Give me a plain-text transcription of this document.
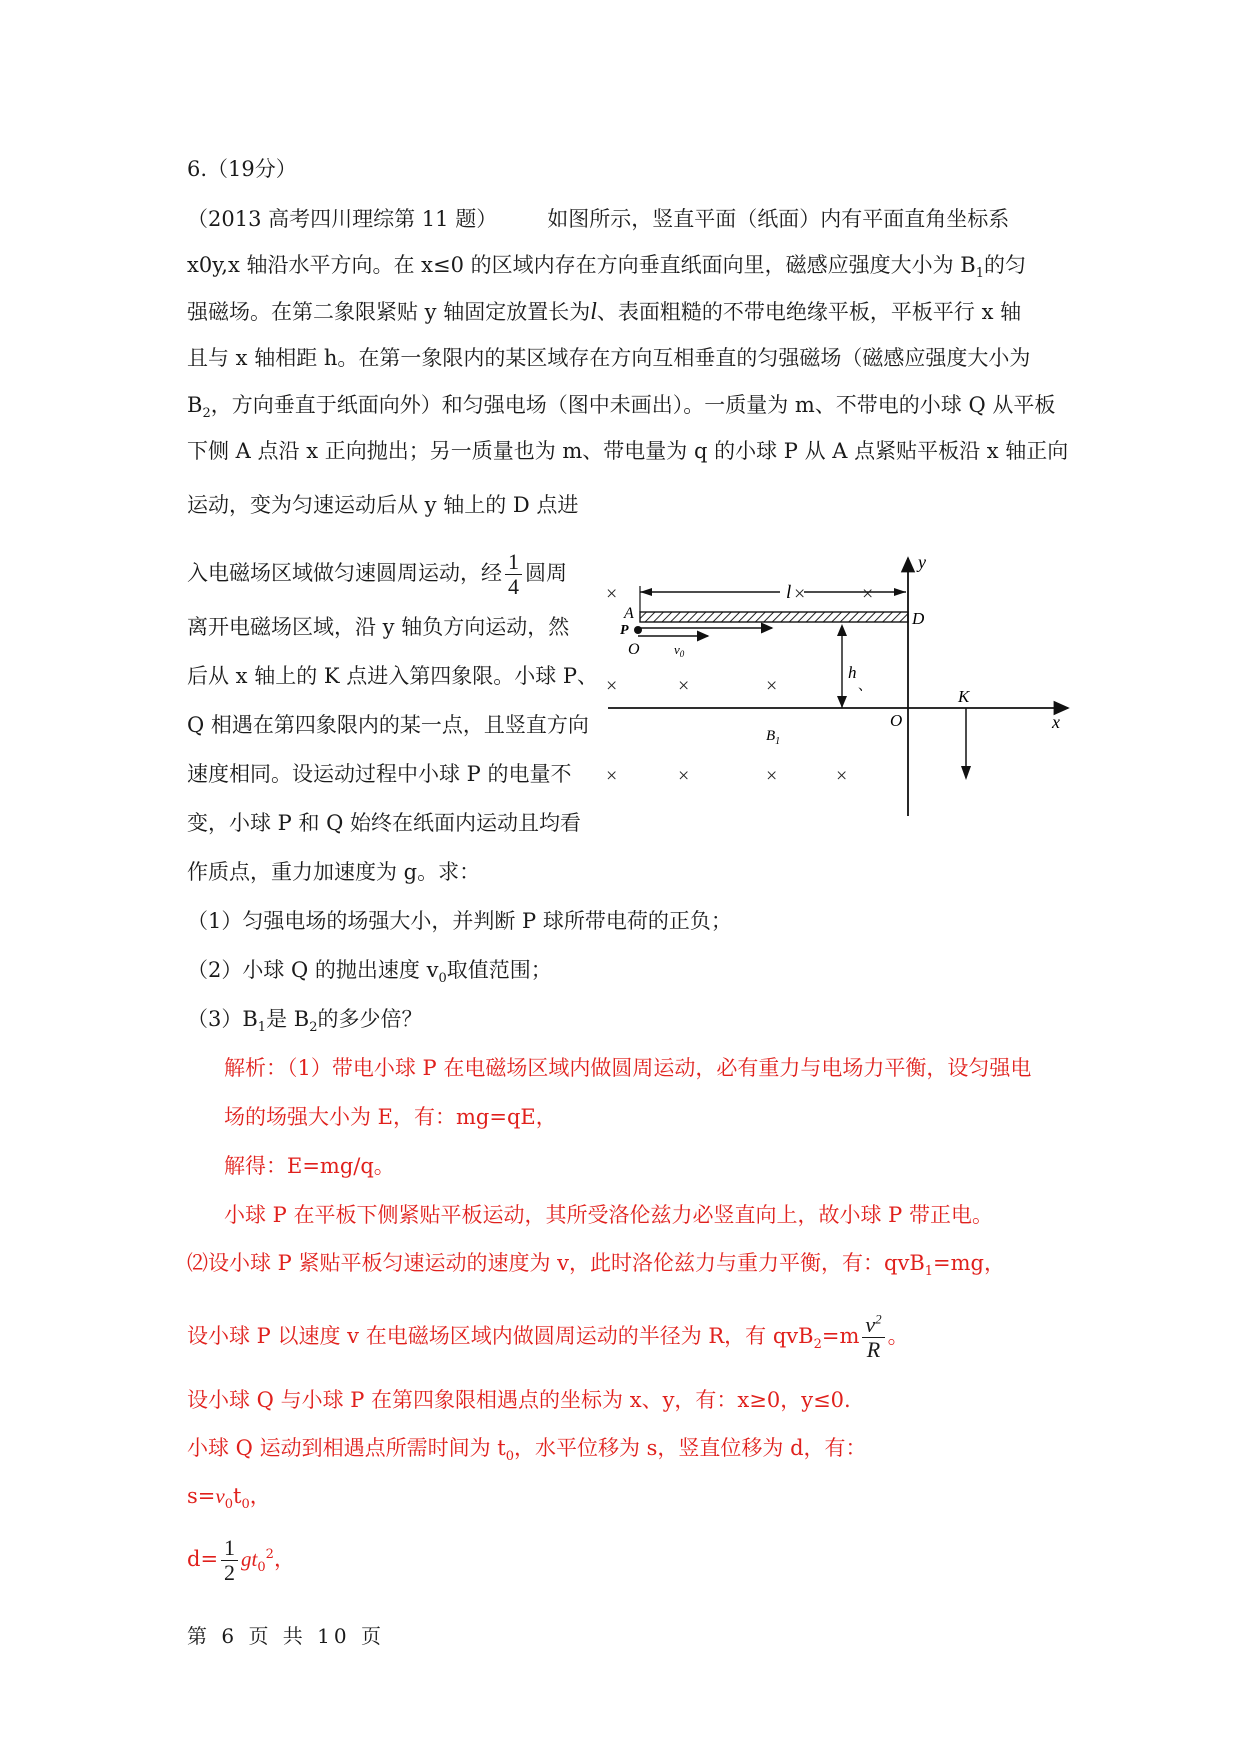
6.（19分）
（2013 高考四川理综第 11 题） 如图所示，竖直平面（纸面）内有平面直角坐标系
x0y,x 轴沿水平方向。在 x≤0 的区域内存在方向垂直纸面向里，磁感应强度大小为 $B_1$的匀
强磁场。在第二象限紧贴 y 轴固定放置长为l、表面粗糙的不带电绝缘平板，平板平行 x 轴
且与 x 轴相距 h。在第一象限内的某区域存在方向互相垂直的匀强磁场（磁感应强度大小为
$B_2$，方向垂直于纸面向外）和匀强电场（图中未画出）。一质量为 m、不带电的小球 Q 从平板
下侧 A 点沿 x 正向抛出；另一质量也为 m、带电量为 q 的小球 P 从 A 点紧贴平板沿 x 轴正向
运动，变为匀速运动后从 y 轴上的 D 点进
入电磁场区域做匀速圆周运动，经 $\frac{1}{4}$ 圆周
离开电磁场区域，沿 y 轴负方向运动，然
后从 x 轴上的 K 点进入第四象限。小球 P、
Q 相遇在第四象限内的某一点，且竖直方向
速度相同。设运动过程中小球 P 的电量不
变，小球 P 和 Q 始终在纸面内运动且均看
作质点，重力加速度为 g。求：
（1）匀强电场的场强大小，并判断 P 球所带电荷的正负；
（2）小球 Q 的抛出速度 $v_0$取值范围；
$(3)B_1$是 $B_2$的多少倍？
解析：（1）带电小球 P 在电磁场区域内做圆周运动，必有重力与电场力平衡，设匀强电
场的场强大小为 E，有：mg=qE，
解得：E=mg/q。
小球 P 在平板下侧紧贴平板运动，其所受洛伦兹力必竖直向上，故小球 P 带正电。
⑵设小球 P 紧贴平板匀速运动的速度为 v，此时洛伦兹力与重力平衡，有：qvB$_1$=mg，
设小球 P 以速度 v 在电磁场区域内做圆周运动的半径为 R，有 $qvB_2=m \frac{v^2}{R}$ 。
设小球 Q 与小球 P 在第四象限相遇点的坐标为 x、y，有：x≥0，y≤0.
小球 Q 运动到相遇点所需时间为 $t_0$，水平位移为 s，竖直位移为 d，有：
$s=v_0t_0$，
$d= \frac{1}{2} gt_0^2$，
y
x
O
l
D
A
P
O	$v_0$
h
K
$B_1$
×	×	×
×	×	×
×	×	×	×
、
第 6 页 共 10 页
